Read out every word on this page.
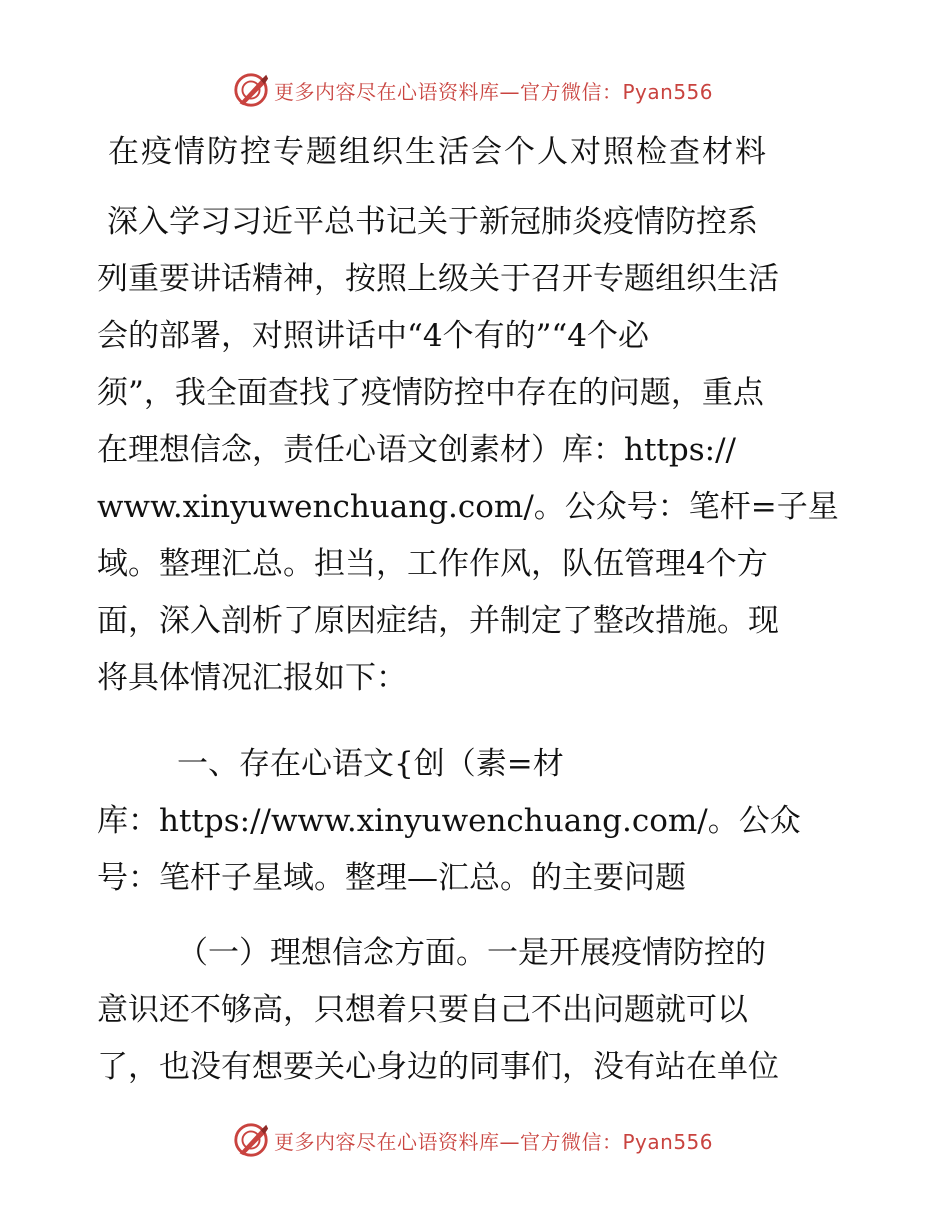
更多内容尽在心语资料库—官方微信：Pyan556
在疫情防控专题组织生活会个人对照检查材料
深入学习习近平总书记关于新冠肺炎疫情防控系
列重要讲话精神，按照上级关于召开专题组织生活
会的部署，对照讲话中“4个有的”“4个必
须”，我全面查找了疫情防控中存在的问题，重点
在理想信念，责任心语文创素材）库：https://
www.xinyuwenchuang.com/。公众号：笔杆=子星
域。整理汇总。担当，工作作风，队伍管理4个方
面，深入剖析了原因症结，并制定了整改措施。现
将具体情况汇报如下：
一、存在心语文{创（素=材
库：https://www.xinyuwenchuang.com/。公众
号：笔杆子星域。整理—汇总。的主要问题
（一）理想信念方面。一是开展疫情防控的
意识还不够高，只想着只要自己不出问题就可以
了，也没有想要关心身边的同事们，没有站在单位
更多内容尽在心语资料库—官方微信：Pyan556
